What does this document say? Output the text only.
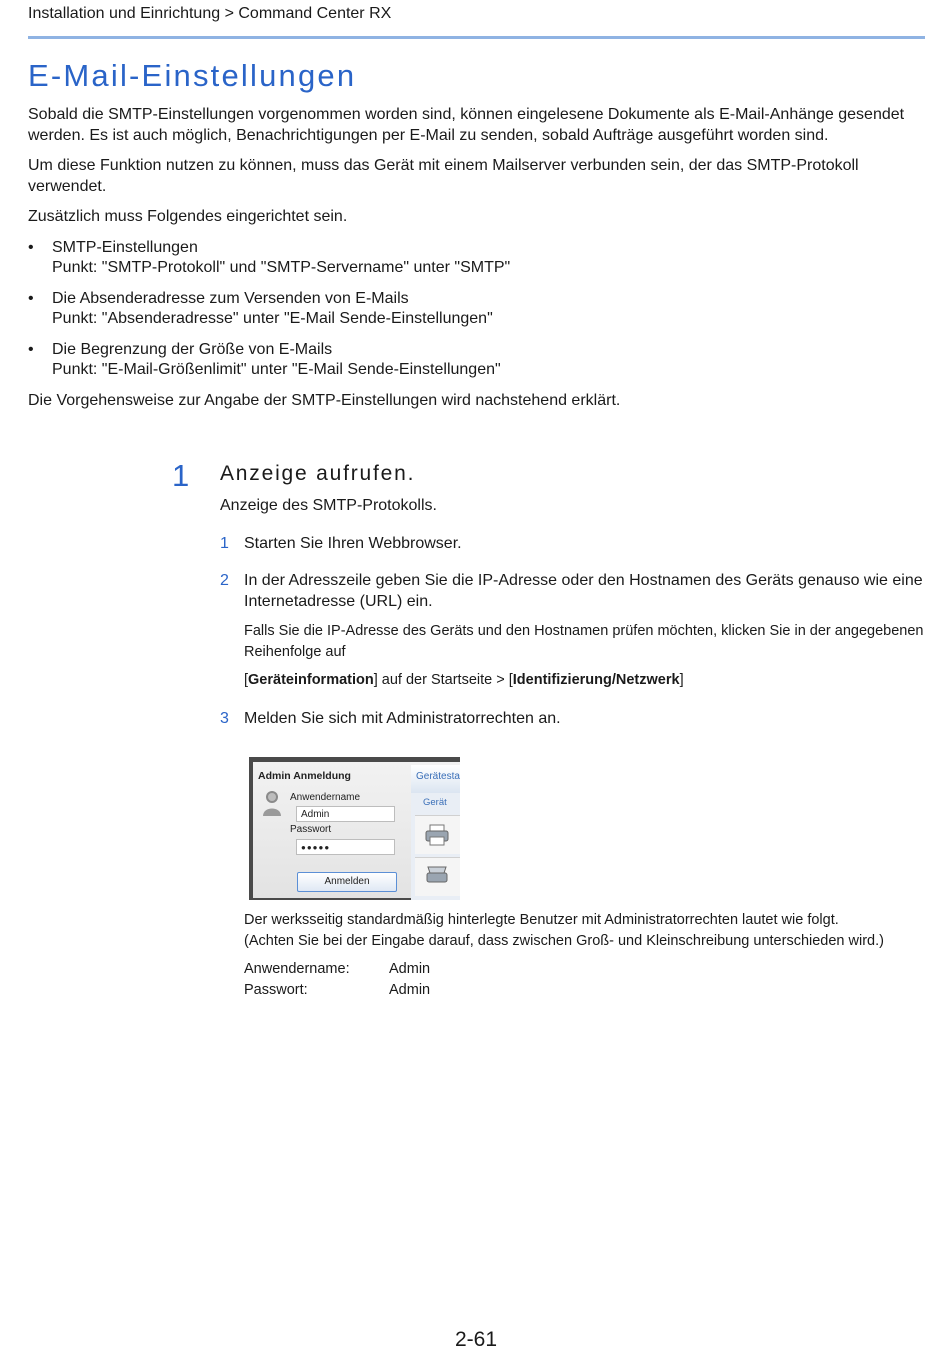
Installation und Einrichtung > Command Center RX
E-Mail-Einstellungen

Sobald die SMTP-Einstellungen vorgenommen worden sind, können eingelesene Dokumente als E-Mail-Anhänge gesendet werden. Es ist auch möglich, Benachrichtigungen per E-Mail zu senden, sobald Aufträge ausgeführt worden sind.

Um diese Funktion nutzen zu können, muss das Gerät mit einem Mailserver verbunden sein, der das SMTP-Protokoll verwendet.

Zusätzlich muss Folgendes eingerichtet sein.

• SMTP-Einstellungen
Punkt: "SMTP-Protokoll" und "SMTP-Servername" unter "SMTP"
• Die Absenderadresse zum Versenden von E-Mails
Punkt: "Absenderadresse" unter "E-Mail Sende-Einstellungen"
• Die Begrenzung der Größe von E-Mails
Punkt: "E-Mail-Größenlimit" unter "E-Mail Sende-Einstellungen"

Die Vorgehensweise zur Angabe der SMTP-Einstellungen wird nachstehend erklärt.

1 Anzeige aufrufen.
Anzeige des SMTP-Protokolls.
1 Starten Sie Ihren Webbrowser.
2 In der Adresszeile geben Sie die IP-Adresse oder den Hostnamen des Geräts genauso wie eine Internetadresse (URL) ein.

Falls Sie die IP-Adresse des Geräts und den Hostnamen prüfen möchten, klicken Sie in der angegebenen Reihenfolge auf

[Geräteinformation] auf der Startseite > [Identifizierung/Netzwerk]

3 Melden Sie sich mit Administratorrechten an.
Admin Anmeldung
Anwendername
Admin
Passwort
●●●●●
Anmelden
Gerätesta
Gerät

Der werksseitig standardmäßig hinterlegte Benutzer mit Administratorrechten lautet wie folgt.

(Achten Sie bei der Eingabe darauf, dass zwischen Groß- und Kleinschreibung unterschieden wird.)

Anwendername:	Admin
Passwort:	Admin
2-61
